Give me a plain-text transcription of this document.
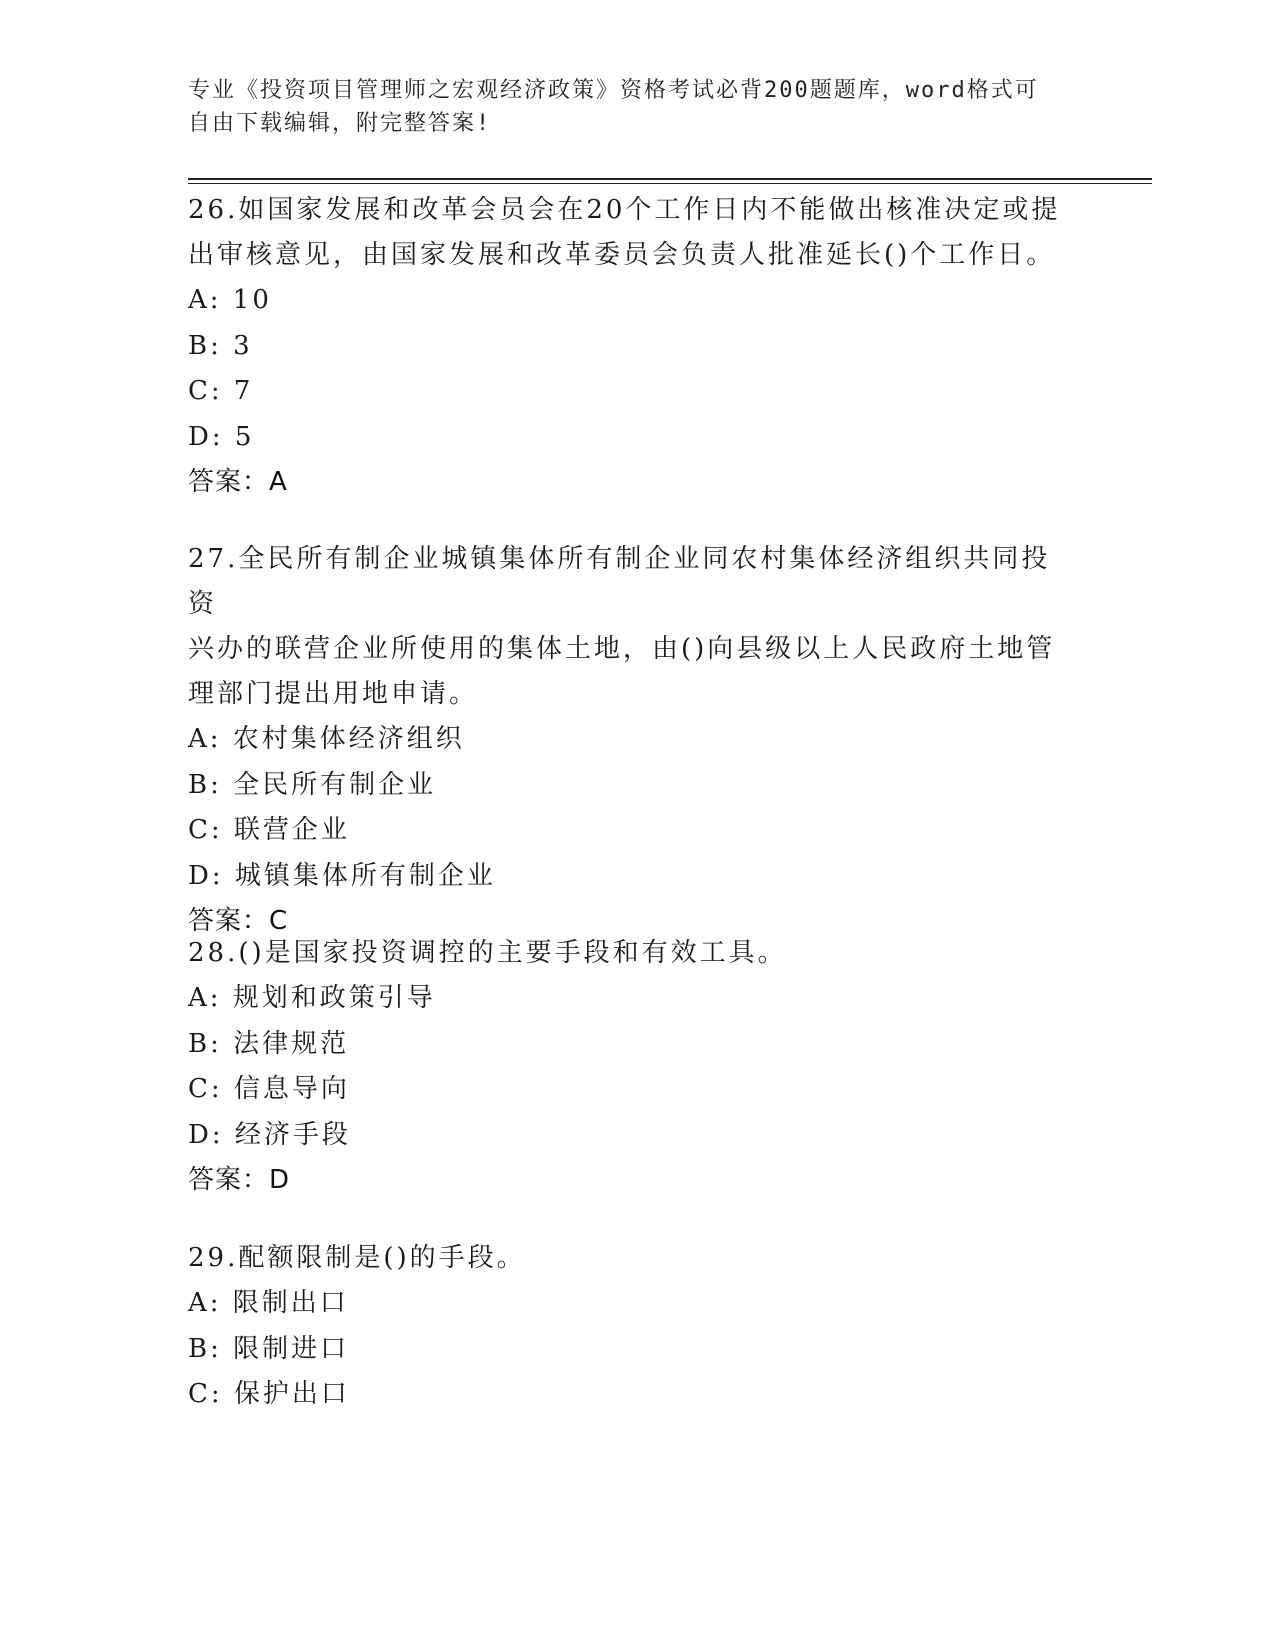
专业《投资项目管理师之宏观经济政策》资格考试必背200题题库，word格式可
自由下载编辑，附完整答案!
26.如国家发展和改革会员会在20个工作日内不能做出核准决定或提
出审核意见，由国家发展和改革委员会负责人批准延长()个工作日。
A: 10
B: 3
C: 7
D: 5
答案：A
27.全民所有制企业城镇集体所有制企业同农村集体经济组织共同投资
兴办的联营企业所使用的集体土地，由()向县级以上人民政府土地管
理部门提出用地申请。
A: 农村集体经济组织
B: 全民所有制企业
C: 联营企业
D: 城镇集体所有制企业
答案：C
28.()是国家投资调控的主要手段和有效工具。
A: 规划和政策引导
B: 法律规范
C: 信息导向
D: 经济手段
答案：D
29.配额限制是()的手段。
A: 限制出口
B: 限制进口
C: 保护出口
